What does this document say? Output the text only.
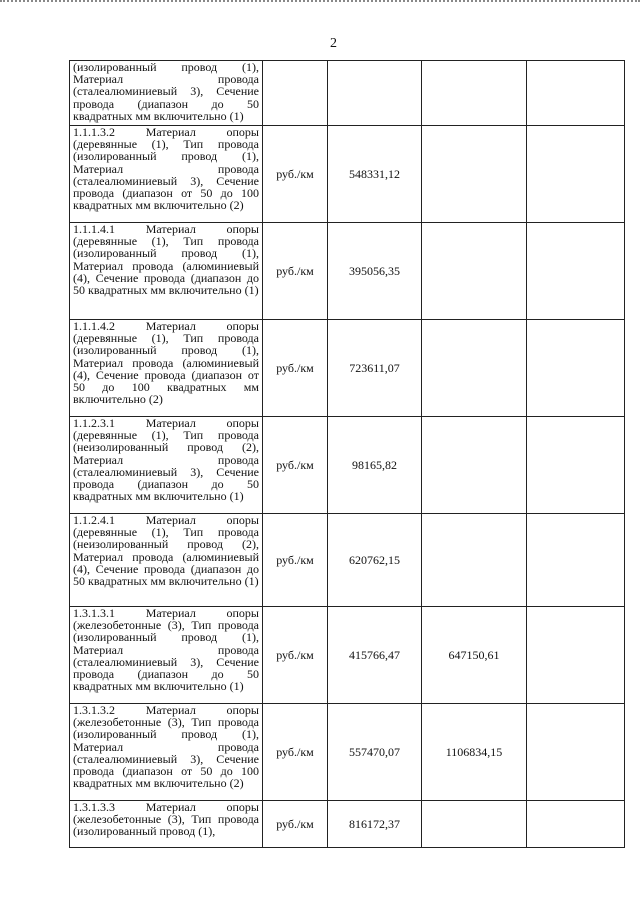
2
(изолированный провод (1), Материал провода (сталеалюминиевый 3), Сечение провода (диапазон до 50 квадратных мм включительно (1)				
1.1.1.3.2 Материал опоры (деревянные (1), Тип провода (изолированный провод (1), Материал провода (сталеалюминиевый 3), Сечение провода (диапазон от 50 до 100 квадратных мм включительно (2)	руб./км	548331,12		
1.1.1.4.1 Материал опоры (деревянные (1), Тип провода (изолированный провод (1), Материал провода (алюминиевый (4), Сечение провода (диапазон до 50 квадратных мм включительно (1)	руб./км	395056,35		
1.1.1.4.2 Материал опоры (деревянные (1), Тип провода (изолированный провод (1), Материал провода (алюминиевый (4), Сечение провода (диапазон от 50 до 100 квадратных мм включительно (2)	руб./км	723611,07		
1.1.2.3.1 Материал опоры (деревянные (1), Тип провода (неизолированный провод (2), Материал провода (сталеалюминиевый 3), Сечение провода (диапазон до 50 квадратных мм включительно (1)	руб./км	98165,82		
1.1.2.4.1 Материал опоры (деревянные (1), Тип провода (неизолированный провод (2), Материал провода (алюминиевый (4), Сечение провода (диапазон до 50 квадратных мм включительно (1)	руб./км	620762,15		
1.3.1.3.1 Материал опоры (железобетонные (3), Тип провода (изолированный провод (1), Материал провода (сталеалюминиевый 3), Сечение провода (диапазон до 50 квадратных мм включительно (1)	руб./км	415766,47	647150,61	
1.3.1.3.2 Материал опоры (железобетонные (3), Тип провода (изолированный провод (1), Материал провода (сталеалюминиевый 3), Сечение провода (диапазон от 50 до 100 квадратных мм включительно (2)	руб./км	557470,07	1106834,15	
1.3.1.3.3 Материал опоры (железобетонные (3), Тип провода (изолированный провод (1),	руб./км	816172,37		
